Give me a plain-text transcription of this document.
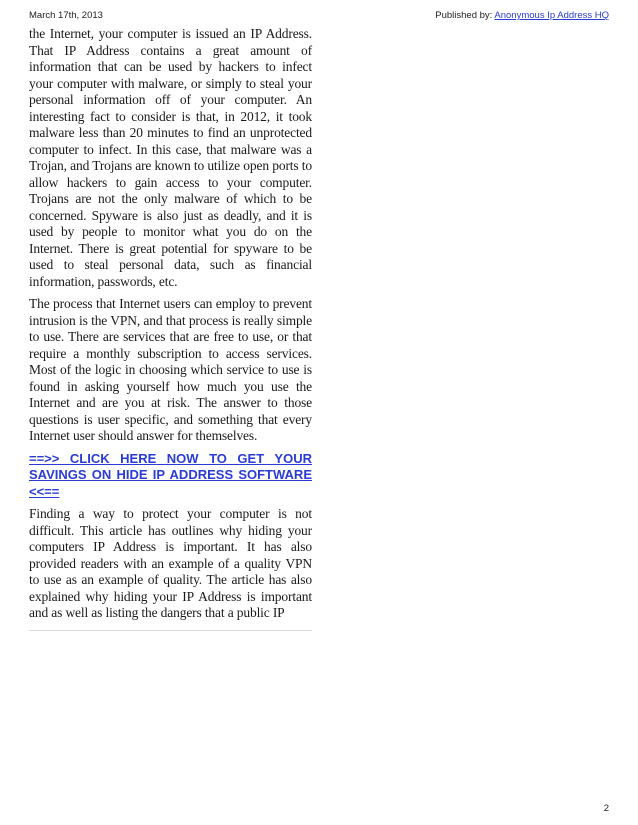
March 17th, 2013	Published by: Anonymous Ip Address HQ

the Internet, your computer is issued an IP Address. That IP Address contains a great amount of information that can be used by hackers to infect your computer with malware, or simply to steal your personal information off of your computer. An interesting fact to consider is that, in 2012, it took malware less than 20 minutes to find an unprotected computer to infect. In this case, that malware was a Trojan, and Trojans are known to utilize open ports to allow hackers to gain access to your computer. Trojans are not the only malware of which to be concerned. Spyware is also just as deadly, and it is used by people to monitor what you do on the Internet. There is great potential for spyware to be used to steal personal data, such as financial information, passwords, etc.

The process that Internet users can employ to prevent intrusion is the VPN, and that process is really simple to use. There are services that are free to use, or that require a monthly subscription to access services. Most of the logic in choosing which service to use is found in asking yourself how much you use the Internet and are you at risk. The answer to those questions is user specific, and something that every Internet user should answer for themselves.

==>> CLICK HERE NOW TO GET YOUR SAVINGS ON HIDE IP ADDRESS SOFTWARE <<==

Finding a way to protect your computer is not difficult. This article has outlines why hiding your computers IP Address is important. It has also provided readers with an example of a quality VPN to use as an example of quality. The article has also explained why hiding your IP Address is important and as well as listing the dangers that a public IP

2
